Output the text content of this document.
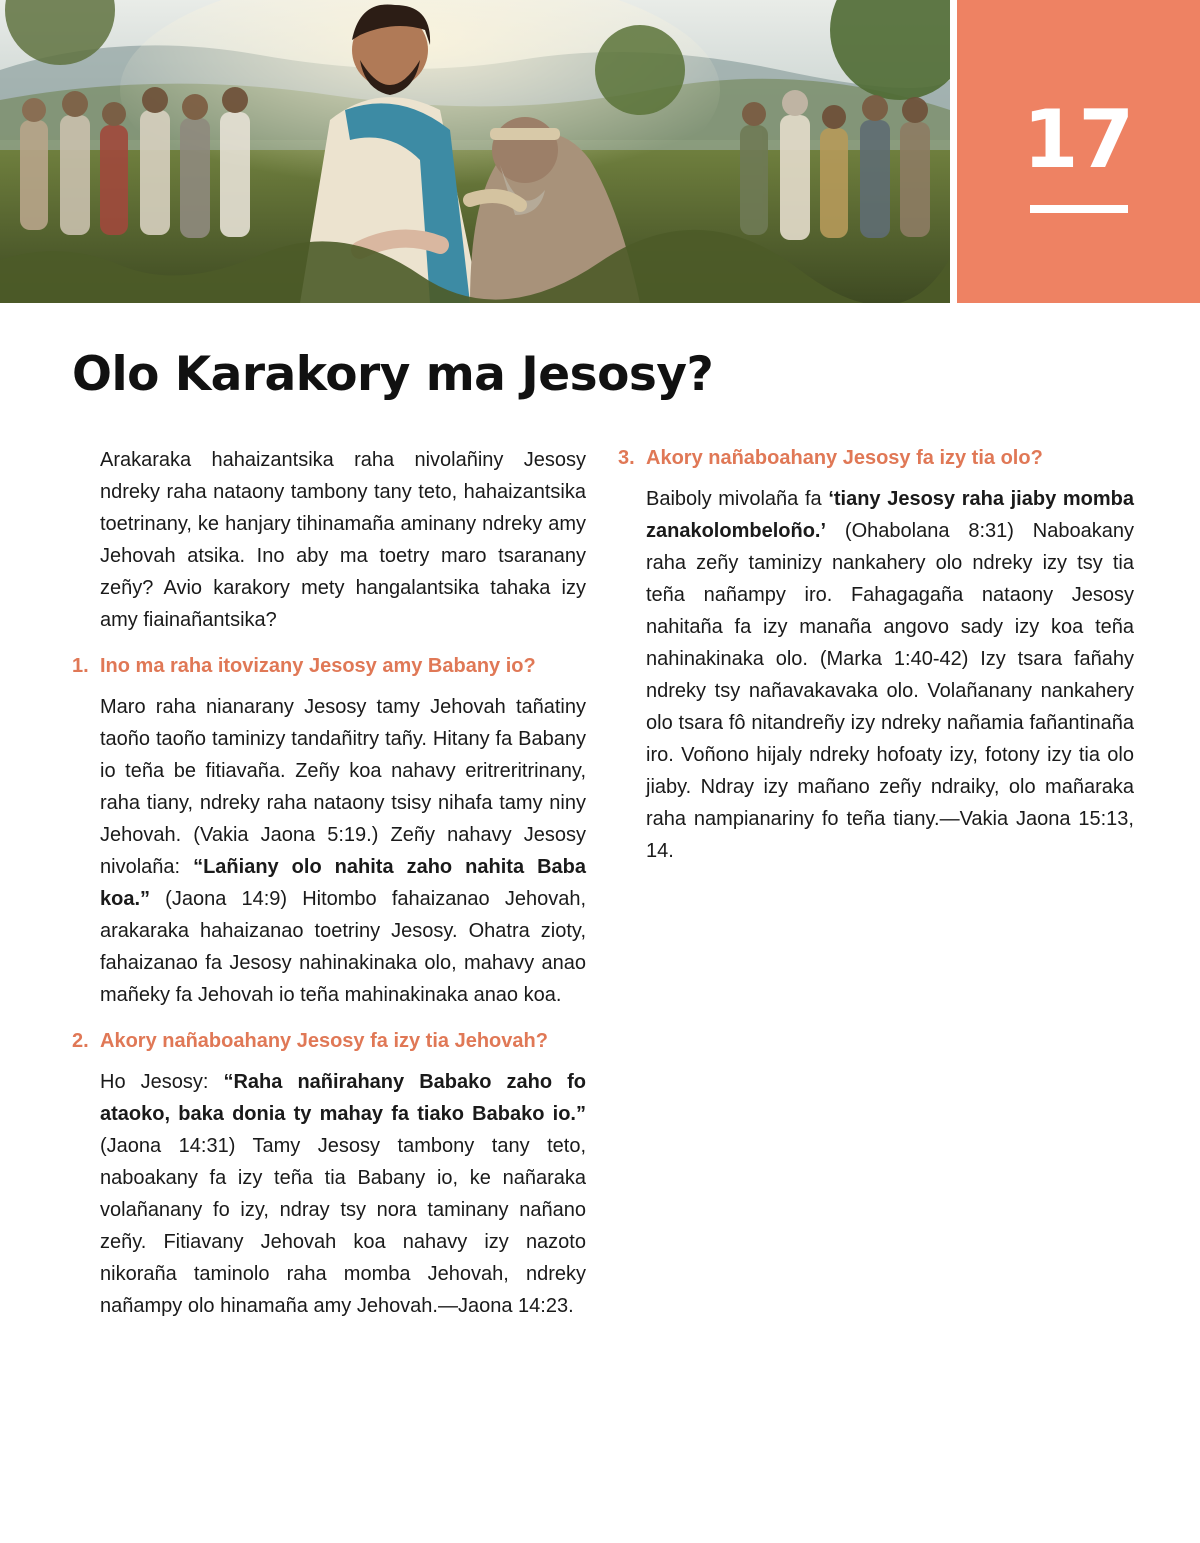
17
Olo Karakory ma Jesosy?

Arakaraka hahaizantsika raha nivolañiny Jesosy ndreky raha nataony tambony tany teto, hahaizantsika toetrinany, ke hanjary tihinamaña aminany ndreky amy Jehovah atsika. Ino aby ma toetry maro tsaranany zeñy? Avio karakory mety hangalantsika tahaka izy amy fiainañantsika?

1. Ino ma raha itovizany Jesosy amy Babany io?

Maro raha nianarany Jesosy tamy Jehovah tañatiny taoño taoño taminizy tandañitry tañy. Hitany fa Babany io teña be fitiavaña. Zeñy koa nahavy eritreritrinany, raha tiany, ndreky raha nataony tsisy nihafa tamy niny Jehovah. (Vakia Jaona 5:19.) Zeñy nahavy Jesosy nivolaña: “Lañiany olo nahita zaho nahita Baba koa.” (Jaona 14:9) Hitombo fahaizanao Jehovah, arakaraka hahaizanao toetriny Jesosy. Ohatra zioty, fahaizanao fa Jesosy nahinakinaka olo, mahavy anao mañeky fa Jehovah io teña mahinakinaka anao koa.

2. Akory nañaboahany Jesosy fa izy tia Jehovah?

Ho Jesosy: “Raha nañirahany Babako zaho fo ataoko, baka donia ty mahay fa tiako Babako io.” (Jaona 14:31) Tamy Jesosy tambony tany teto, naboakany fa izy teña tia Babany io, ke nañaraka volañanany fo izy, ndray tsy nora taminany nañano zeñy. Fitiavany Jehovah koa nahavy izy nazoto nikoraña taminolo raha momba Jehovah, ndreky nañampy olo hinamaña amy Jehovah.—Jaona 14:23.

3. Akory nañaboahany Jesosy fa izy tia olo?

Baiboly mivolaña fa ‘tiany Jesosy raha jiaby momba zanakolombeloño.’ (Ohabolana 8:31) Naboakany raha zeñy taminizy nankahery olo ndreky izy tsy tia teña nañampy iro. Fahagagaña nataony Jesosy nahitaña fa izy manaña angovo sady izy koa teña nahinakinaka olo. (Marka 1:40-42) Izy tsara fañahy ndreky tsy nañavakavaka olo. Volañanany nankahery olo tsara fô nitandreñy izy ndreky nañamia fañantinaña iro. Voñono hijaly ndreky hofoaty izy, fotony izy tia olo jiaby. Ndray izy mañano zeñy ndraiky, olo mañaraka raha nampianariny fo teña tiany.—Vakia Jaona 15:13, 14.
